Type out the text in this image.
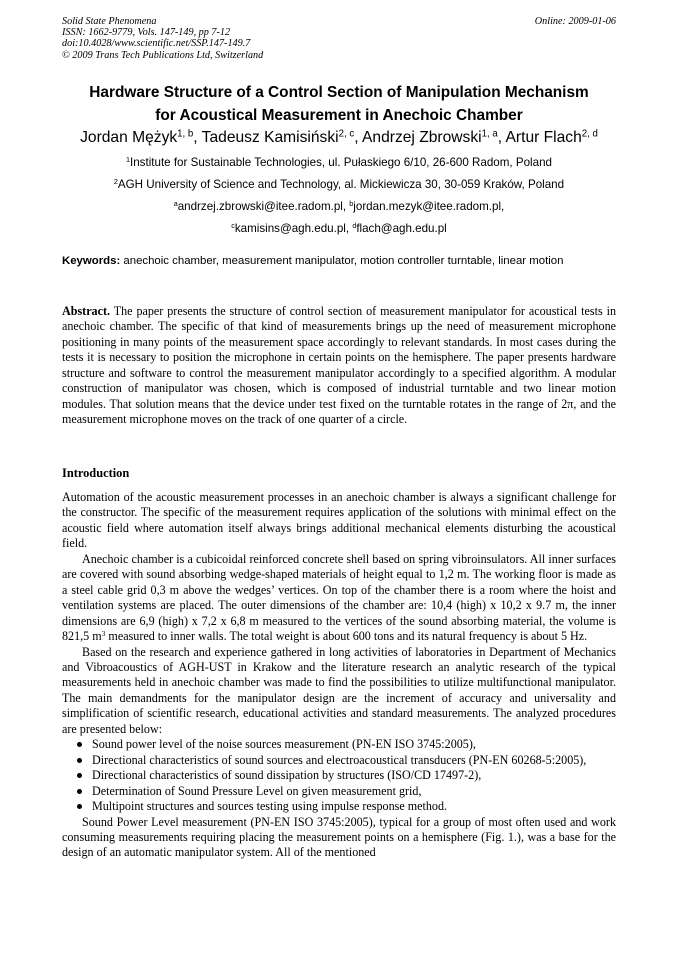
Solid State Phenomena
ISSN: 1662-9779, Vols. 147-149, pp 7-12
doi:10.4028/www.scientific.net/SSP.147-149.7
© 2009 Trans Tech Publications Ltd, Switzerland
Online: 2009-01-06
Hardware Structure of a Control Section of Manipulation Mechanism
for Acoustical Measurement in Anechoic Chamber
Jordan Mężyk$^{1, b}$, Tadeusz Kamisiński$^{2, c}$, Andrzej Zbrowski$^{1, a}$, Artur Flach$^{2, d}$
$^1$Institute for Sustainable Technologies, ul. Pułaskiego 6/10, 26-600 Radom, Poland
$^2$AGH University of Science and Technology, al. Mickiewicza 30, 30-059 Kraków, Poland
$^a$andrzej.zbrowski@itee.radom.pl, $^b$jordan.mezyk@itee.radom.pl,
$^c$kamisins@agh.edu.pl, $^d$flach@agh.edu.pl
Keywords: anechoic chamber, measurement manipulator, motion controller turntable, linear motion

Abstract. The paper presents the structure of control section of measurement manipulator for acoustical tests in anechoic chamber. The specific of that kind of measurements brings up the need of measurement microphone positioning in many points of the measurement space accordingly to relevant standards. In most cases during the tests it is necessary to position the microphone in certain points on the hemisphere. The paper presents hardware structure and software to control the measurement manipulator accordingly to a specified algorithm. A modular construction of manipulator was chosen, which is composed of industrial turntable and two linear motion modules. That solution means that the device under test fixed on the turntable rotates in the range of 2π, and the measurement microphone moves on the track of one quarter of a circle.

Introduction

Automation of the acoustic measurement processes in an anechoic chamber is always a significant challenge for the constructor. The specific of the measurement requires application of the solutions with minimal effect on the acoustic field where automation itself always brings additional mechanical elements disturbing the acoustical field.

Anechoic chamber is a cubicoidal reinforced concrete shell based on spring vibroinsulators. All inner surfaces are covered with sound absorbing wedge-shaped materials of height equal to 1,2 m. The working floor is made as a steel cable grid 0,3 m above the wedges’ vertices. On top of the chamber there is a room where the hoist and ventilation systems are placed. The outer dimensions of the chamber are: 10,4 (high) x 10,2 x 9.7 m, the inner dimensions are 6,9 (high) x 7,2 x 6,8 m measured to the vertices of the sound absorbing material, the volume is 821,5 $m^3$ measured to inner walls. The total weight is about 600 tons and its natural frequency is about 5 Hz.

Based on the research and experience gathered in long activities of laboratories in Department of Mechanics and Vibroacoustics of AGH-UST in Krakow and the literature research an analytic research of the typical measurements held in anechoic chamber was made to find the possibilities to utilize multifunctional manipulator. The main demandments for the manipulator design are the increment of accuracy and universality and simplification of scientific research, educational activities and standard measurements. The analyzed procedures are presented below:

Sound power level of the noise sources measurement (PN-EN ISO 3745:2005),
Directional characteristics of sound sources and electroacoustical transducers (PN-EN 60268-5:2005),
Directional characteristics of sound dissipation by structures (ISO/CD 17497-2),
Determination of Sound Pressure Level on given measurement grid,
Multipoint structures and sources testing using impulse response method.

Sound Power Level measurement (PN-EN ISO 3745:2005), typical for a group of most often used and work consuming measurements requiring placing the measurement points on a hemisphere (Fig. 1.), was a base for the design of an automatic manipulator system. All of the mentioned
